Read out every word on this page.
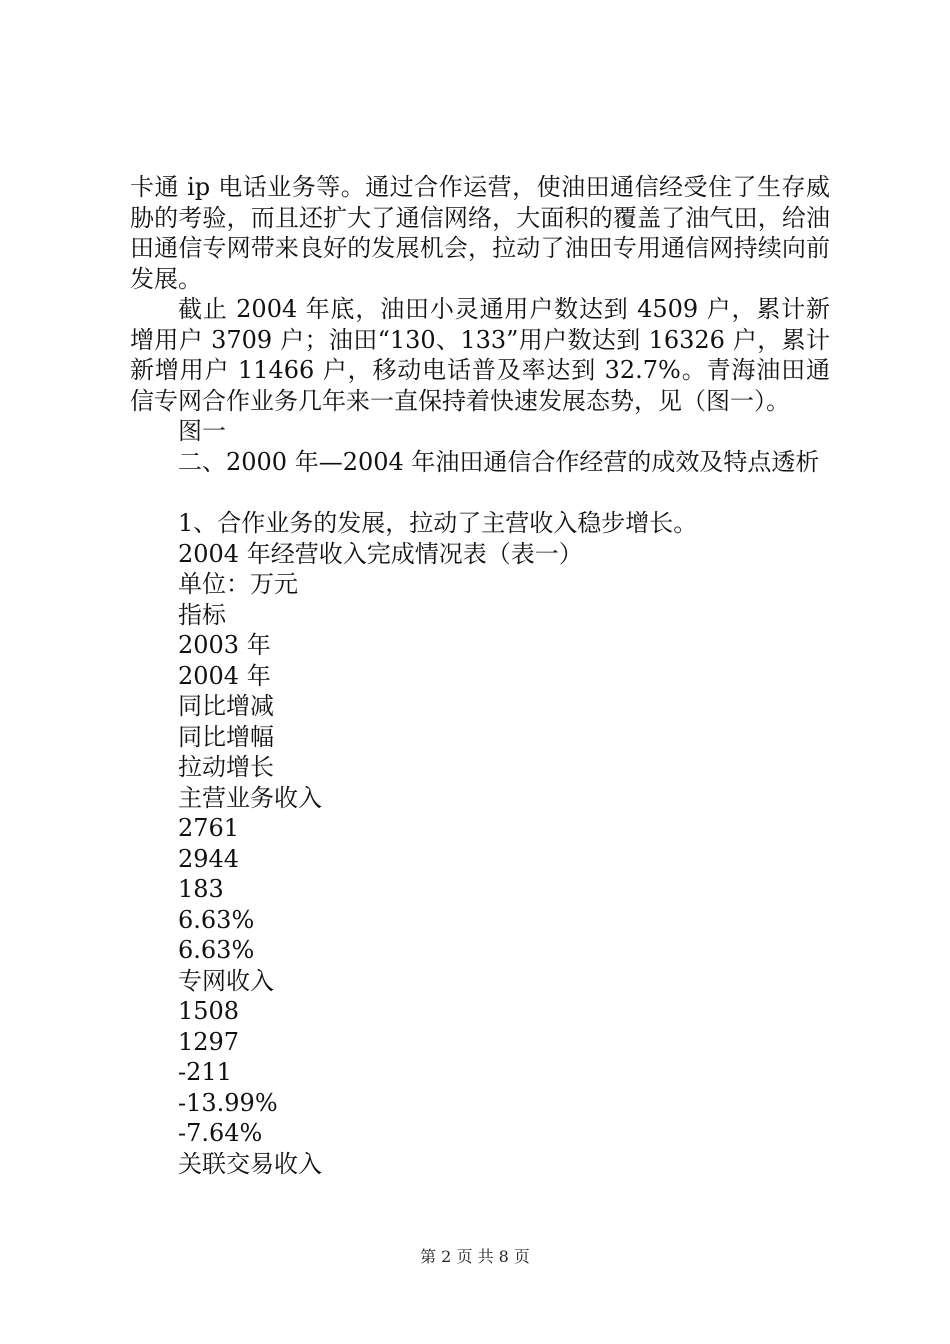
卡通 ip 电话业务等。通过合作运营，使油田通信经受住了生存威胁的考验，而且还扩大了通信网络，大面积的覆盖了油气田，给油田通信专网带来良好的发展机会，拉动了油田专用通信网持续向前发展。

截止 2004 年底，油田小灵通用户数达到 4509 户，累计新增用户 3709 户；油田“130、133”用户数达到 16326 户，累计新增用户 11466 户，移动电话普及率达到 32.7%。青海油田通信专网合作业务几年来一直保持着快速发展态势，见（图一）。

图一

二、2000 年—2004 年油田通信合作经营的成效及特点透析

1、合作业务的发展，拉动了主营收入稳步增长。

2004 年经营收入完成情况表（表一）

单位：万元

指标

2003 年

2004 年

同比增减

同比增幅

拉动增长

主营业务收入

2761

2944

183

6.63%

6.63%

专网收入

1508

1297

-211

-13.99%

-7.64%

关联交易收入

第 2 页 共 8 页
